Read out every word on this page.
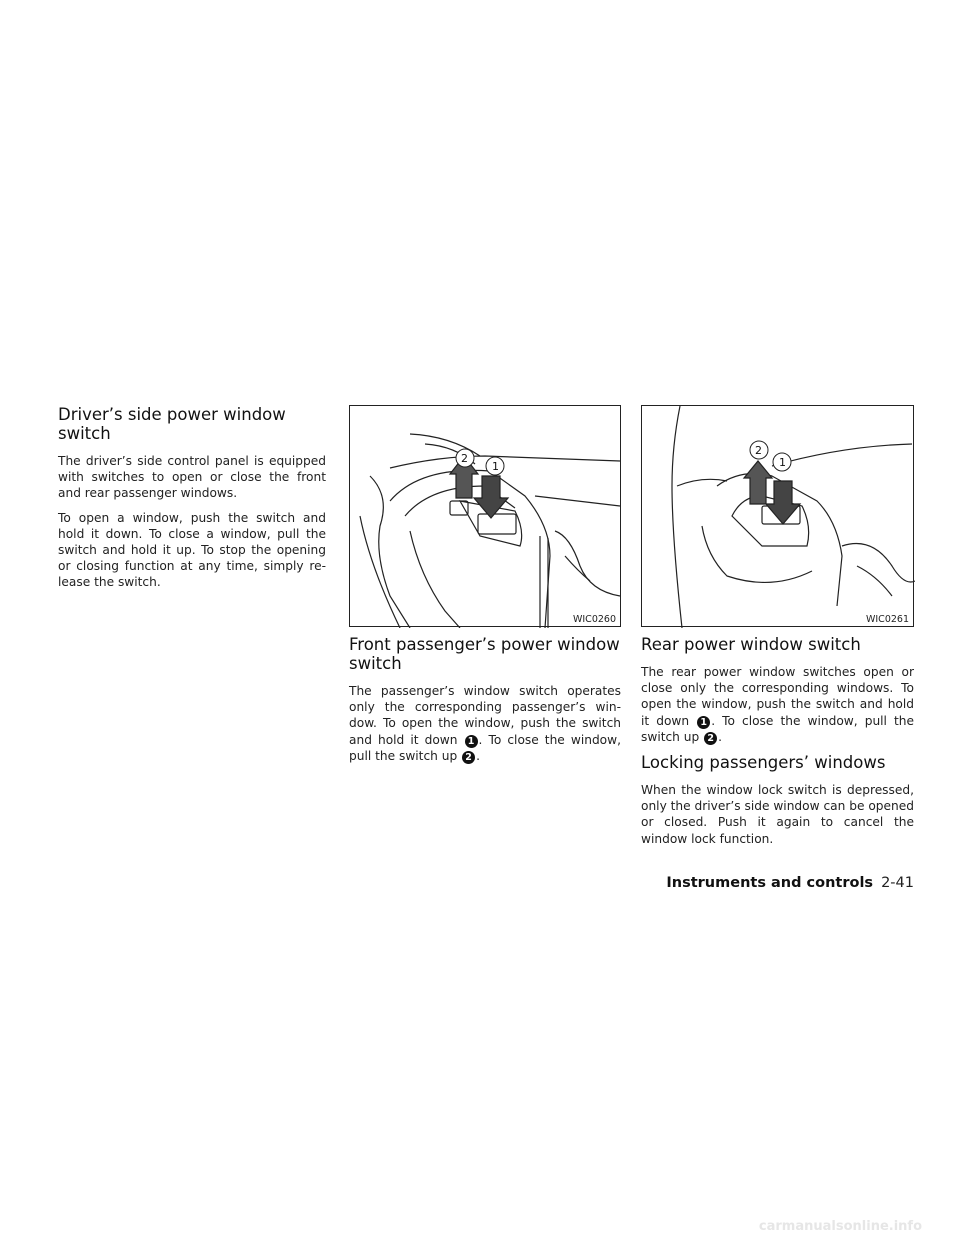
Driver’s side power window switch

The driver’s side control panel is equipped with switches to open or close the front and rear passenger windows.

To open a window, push the switch and hold it down. To close a window, pull the switch and hold it up. To stop the opening or closing function at any time, simply re- lease the switch.

2
1
WIC0260
Front passenger’s power window switch

The passenger’s window switch operates only the corresponding passenger’s win- dow. To open the window, push the switch and hold it down 1 . To close the window, pull the switch up 2 .

2
1
WIC0261
Rear power window switch

The rear power window switches open or close only the corresponding windows. To open the window, push the switch and hold it down 1 . To close the window, pull the switch up 2 .

Locking passengers’ windows

When the window lock switch is depressed, only the driver’s side window can be opened or closed. Push it again to cancel the window lock function.

Instruments and controls 2-41
carmanualsonline.info
